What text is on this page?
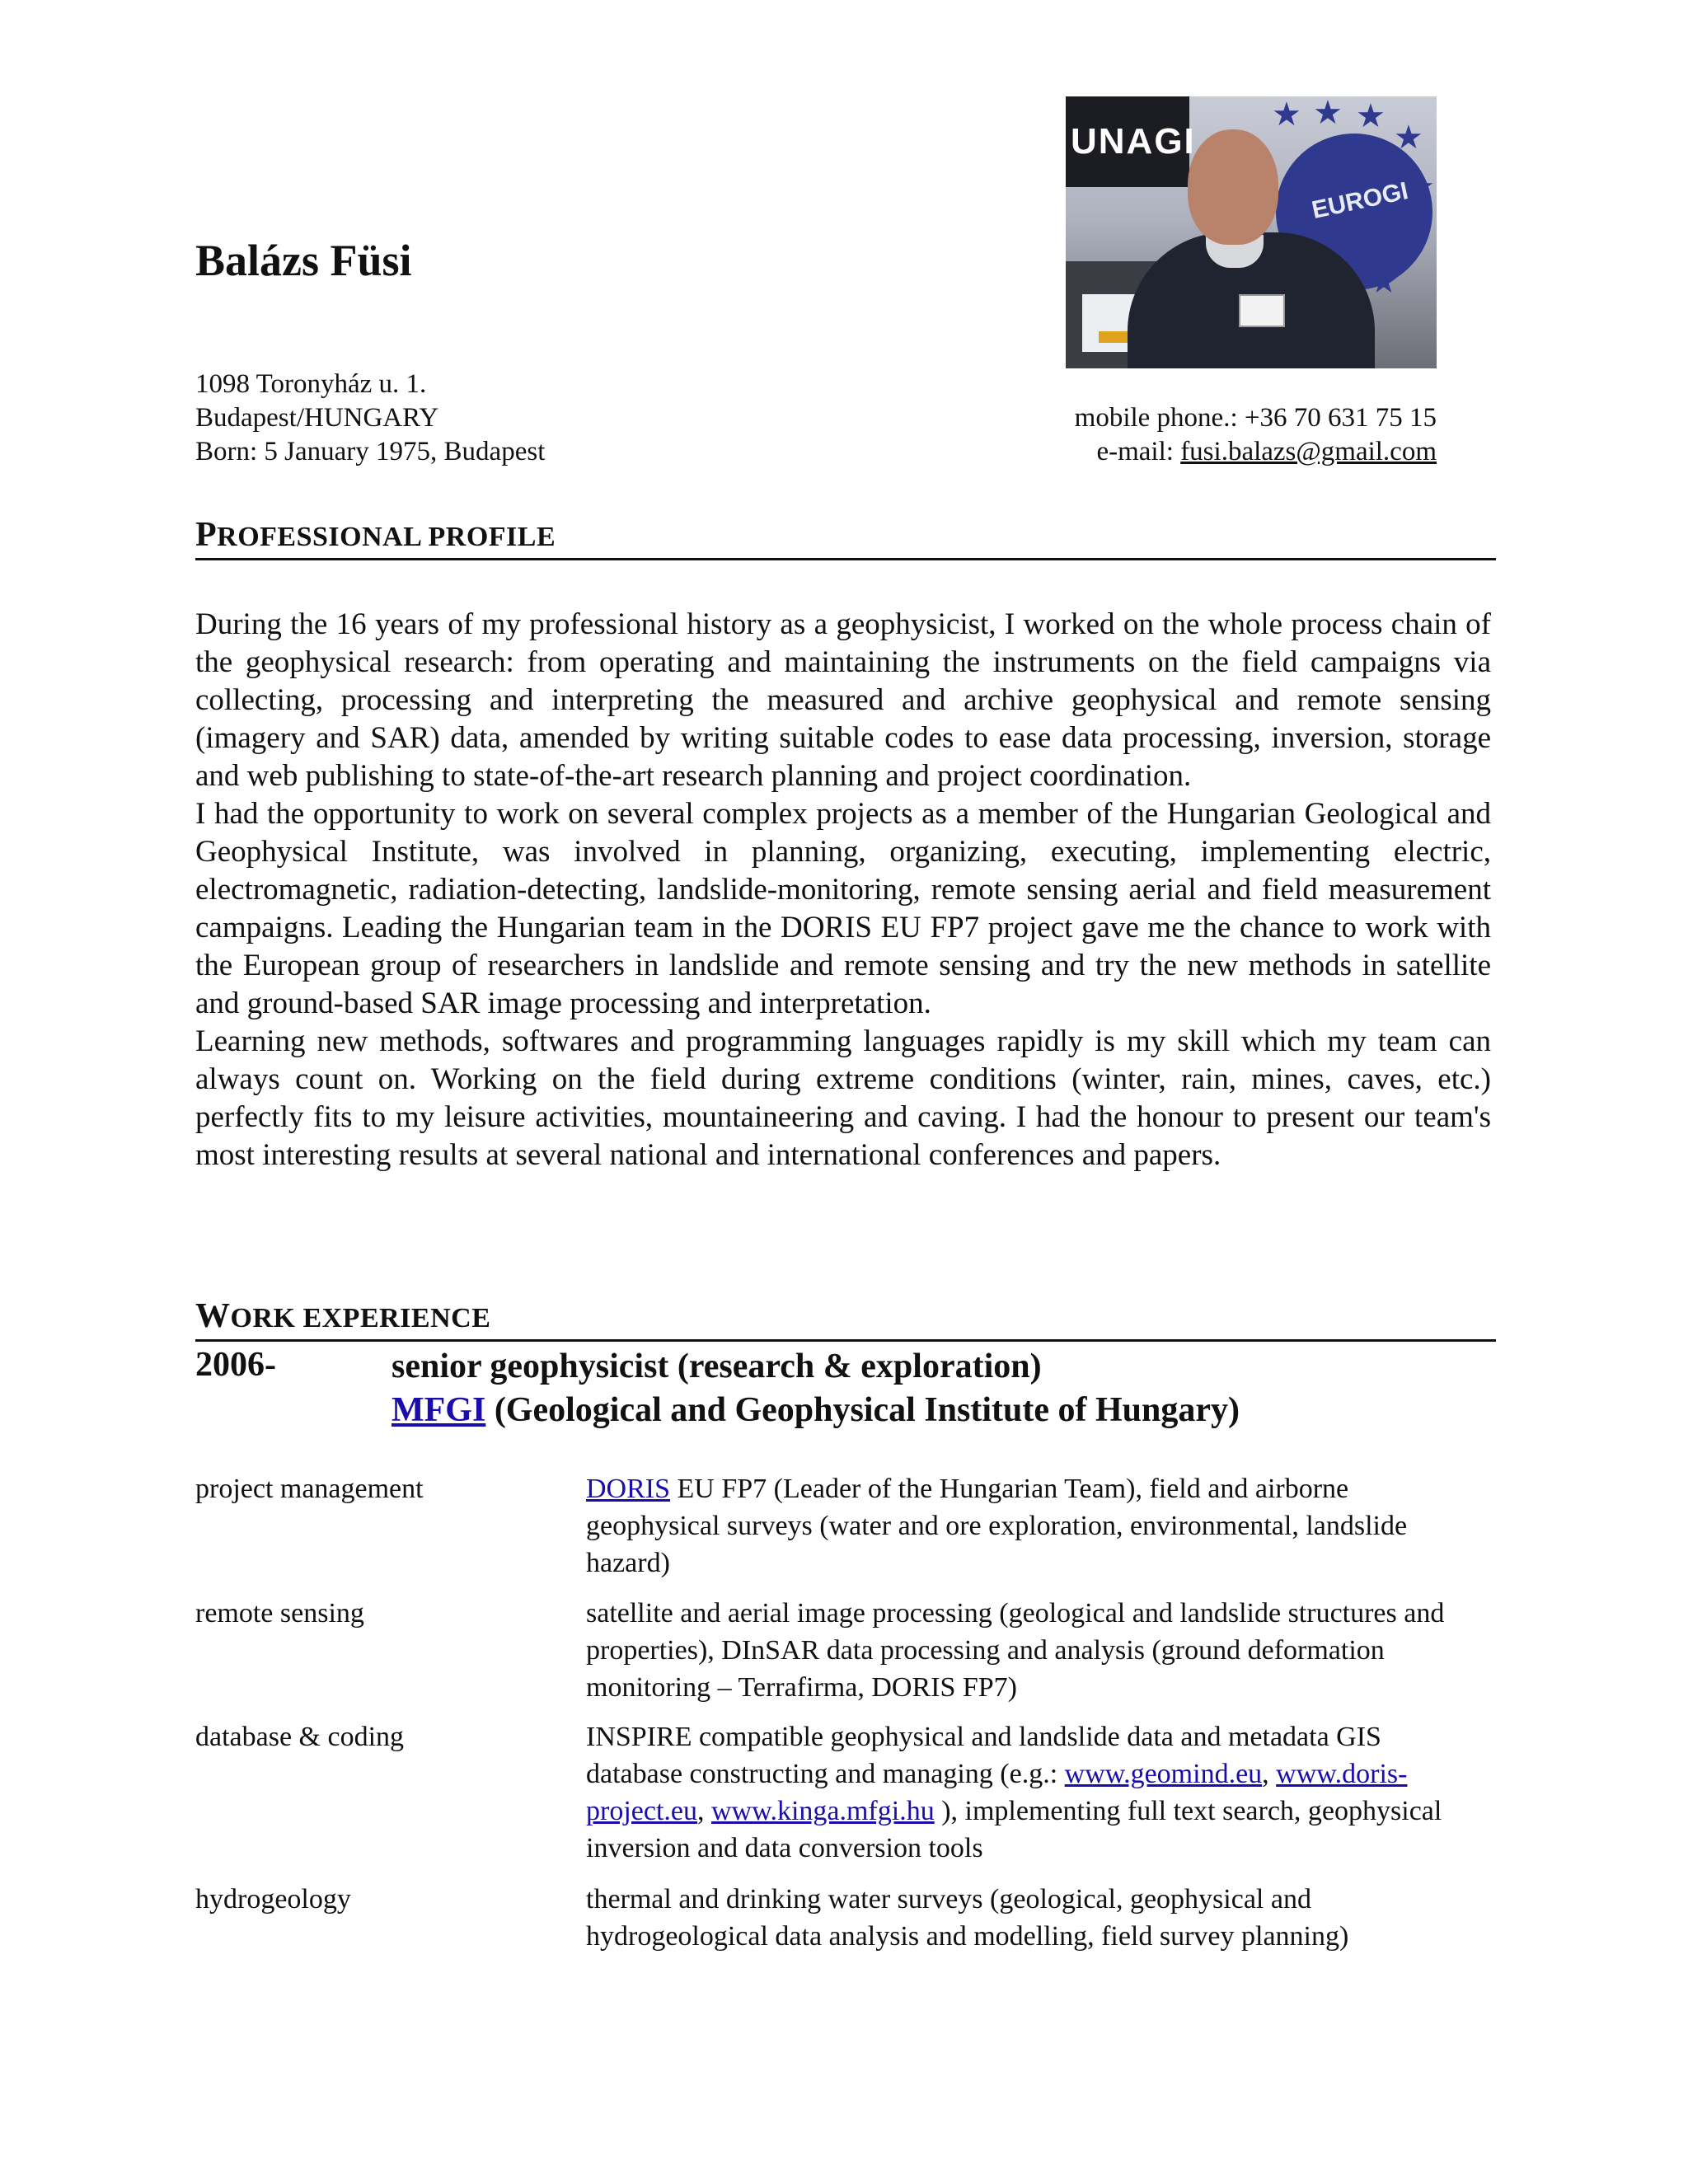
Balázs Füsi
UNAGI
EUROGI
★ ★ ★
★
★
★
★
1098 Toronyház u. 1.
Budapest/HUNGARY
Born: 5 January 1975, Budapest
mobile phone.: +36 70 631 75 15
e-mail: fusi.balazs@gmail.com
PROFESSIONAL PROFILE

During the 16 years of my professional history as a geophysicist, I worked on the whole process chain of the geophysical research: from operating and maintaining the instruments on the field campaigns via collecting, processing and interpreting the measured and archive geophysical and remote sensing (imagery and SAR) data, amended by writing suitable codes to ease data processing, inversion, storage and web publishing to state-of-the-art research planning and project coordination.

I had the opportunity to work on several complex projects as a member of the Hungarian Geological and Geophysical Institute, was involved in planning, organizing, executing, implementing electric, electromagnetic, radiation-detecting, landslide-monitoring, remote sensing aerial and field measurement campaigns. Leading the Hungarian team in the DORIS EU FP7 project gave me the chance to work with the European group of researchers in landslide and remote sensing and try the new methods in satellite and ground-based SAR image processing and interpretation.

Learning new methods, softwares and programming languages rapidly is my skill which my team can always count on. Working on the field during extreme conditions (winter, rain, mines, caves, etc.) perfectly fits to my leisure activities, mountaineering and caving. I had the honour to present our team's most interesting results at several national and international conferences and papers.

WORK EXPERIENCE
2006-	senior geophysicist (research & exploration)
MFGI (Geological and Geophysical Institute of Hungary)
project management	DORIS EU FP7 (Leader of the Hungarian Team), field and airborne geophysical surveys (water and ore exploration, environmental, landslide hazard)
remote sensing	satellite and aerial image processing (geological and landslide structures and properties), DInSAR data processing and analysis (ground deformation monitoring – Terrafirma, DORIS FP7)
database & coding	INSPIRE compatible geophysical and landslide data and metadata GIS database constructing and managing (e.g.: www.geomind.eu, www.doris-project.eu, www.kinga.mfgi.hu ), implementing full text search, geophysical inversion and data conversion tools
hydrogeology	thermal and drinking water surveys (geological, geophysical and hydrogeological data analysis and modelling, field survey planning)
